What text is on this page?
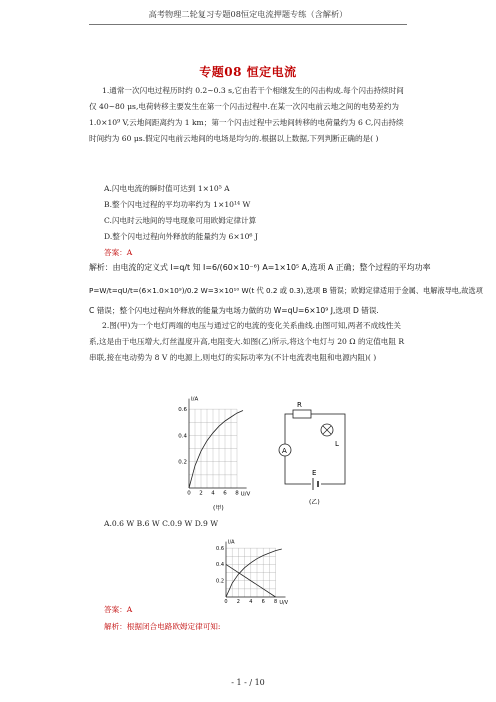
高考物理二轮复习专题08恒定电流押题专练（含解析）
专题08 恒定电流
1.通常一次闪电过程历时约 0.2~0.3 s,它由若干个相继发生的闪击构成.每个闪击持续时间仅 40~80 μs,电荷转移主要发生在第一个闪击过程中.在某一次闪电前云地之间的电势差约为 1.0×10⁹ V,云地间距离约为 1 km；第一个闪击过程中云地间转移的电荷量约为 6 C,闪击持续时间约为 60 μs.假定闪电前云地间的电场是均匀的.根据以上数据,下列判断正确的是( )
A.闪电电流的瞬时值可达到 1×10⁵ A
B.整个闪电过程的平均功率约为 1×10¹⁴ W
C.闪电时云地间的导电现象可用欧姆定律计算
D.整个闪电过程向外释放的能量约为 6×10⁶ J
答案：A
解析：由电流的定义式 I=q/t 知 I=6/(60×10⁻⁶) A=1×10⁵ A,选项 A 正确；整个过程的平均功率
P=W/t=qU/t=(6×1.0×10⁹)/0.2 W=3×10¹⁰ W(t 代 0.2 或 0.3),选项 B 错误；欧姆定律适用于金属、电解液导电,故选项
C 错误；整个闪电过程向外释放的能量为电场力做的功 W=qU=6×10⁹ J,选项 D 错误.
2.图(甲)为一个电灯两端的电压与通过它的电流的变化关系曲线.由图可知,两者不成线性关系,这是由于电压增大,灯丝温度升高,电阻变大.如图(乙)所示,将这个电灯与 20 Ω 的定值电阻 R 串联,接在电动势为 8 V 的电源上,则电灯的实际功率为(不计电流表电阻和电源内阻)( )
I/A
U/V
0.6
0.4
0.2
0 2 4 6 8
(甲)
R
L
A
E
(乙)
A.0.6 W B.6 W C.0.9 W D.9 W
I/A
U/V
0.6
0.4
0.2
0 2 4 6 8
答案：A
解析：根据闭合电路欧姆定律可知:
- 1 - / 10
